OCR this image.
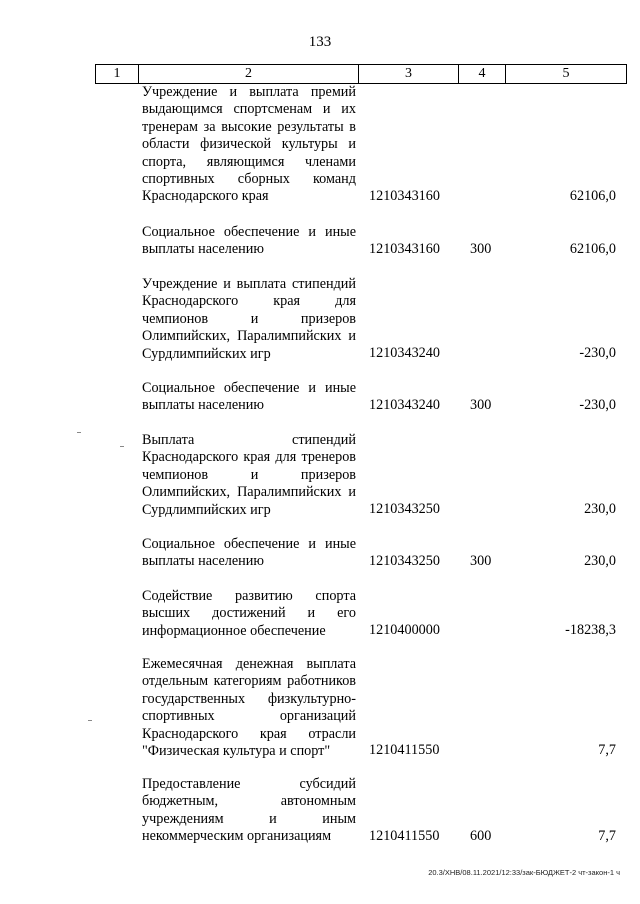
133
1	2	3	4	5
Учреждение и выплата премий выдающимся спортсменам и их тренерам за высокие результаты в области физической культуры и спорта, являющимся членами спортивных сборных команд Краснодарского края	1210343160	62106,0
Социальное обеспечение и иные выплаты населению	1210343160 300	62106,0
Учреждение и выплата стипендий Краснодарского края для чемпионов и призеров Олимпийских, Паралимпийских и Сурдлимпийских игр	1210343240	-230,0
Социальное обеспечение и иные выплаты населению	1210343240 300	-230,0
Выплата стипендий Краснодарского края для тренеров чемпионов и призеров Олимпийских, Паралимпийских и Сурдлимпийских игр	1210343250	230,0
Социальное обеспечение и иные выплаты населению	1210343250 300	230,0
Содействие развитию спорта высших достижений и его информационное обеспечение	1210400000	-18238,3
Ежемесячная денежная выплата отдельным категориям работников государственных физкультурно-спортивных организаций Краснодарского края отрасли "Физическая культура и спорт"	1210411550	7,7
Предоставление субсидий бюджетным, автономным учреждениям и иным некоммерческим организациям	1210411550 600	7,7
20.3/ХНВ/08.11.2021/12:33/зак-БЮДЖЕТ-2 чт-закон-1 ч
